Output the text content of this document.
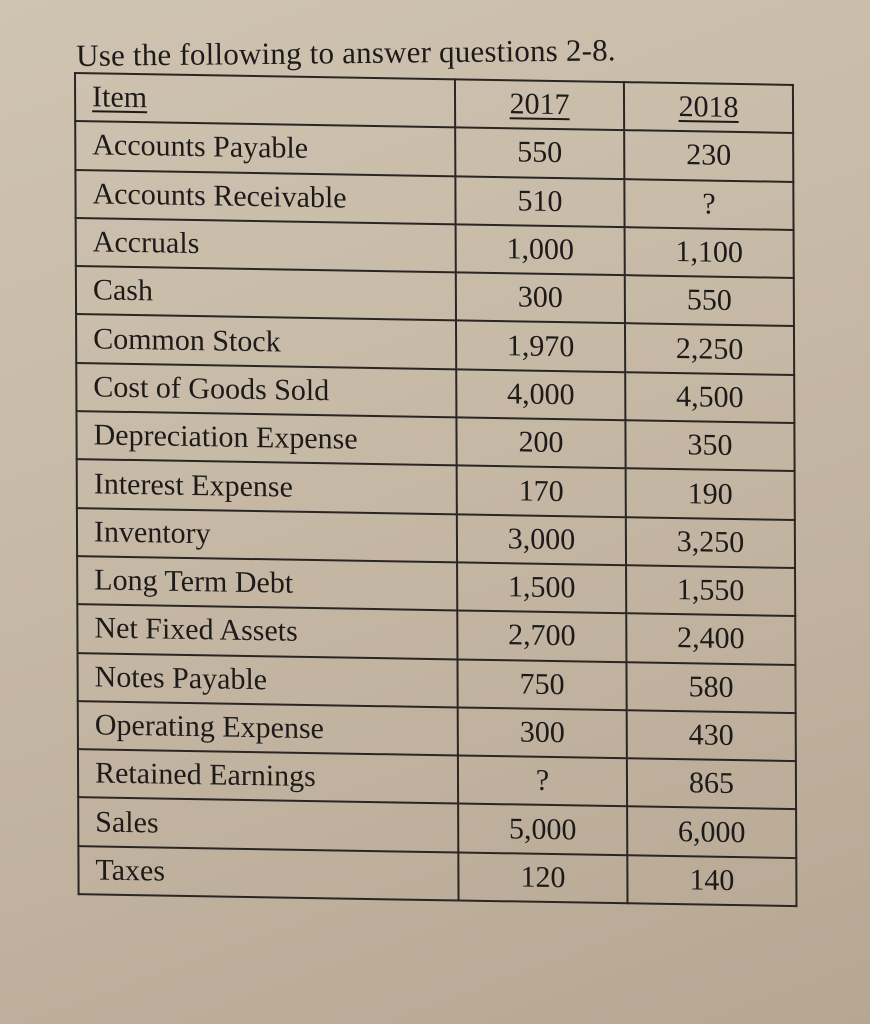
Use the following to answer questions 2-8.
Item	2017	2018
Accounts Payable	550	230
Accounts Receivable	510	?
Accruals	1,000	1,100
Cash	300	550
Common Stock	1,970	2,250
Cost of Goods Sold	4,000	4,500
Depreciation Expense	200	350
Interest Expense	170	190
Inventory	3,000	3,250
Long Term Debt	1,500	1,550
Net Fixed Assets	2,700	2,400
Notes Payable	750	580
Operating Expense	300	430
Retained Earnings	?	865
Sales	5,000	6,000
Taxes	120	140
